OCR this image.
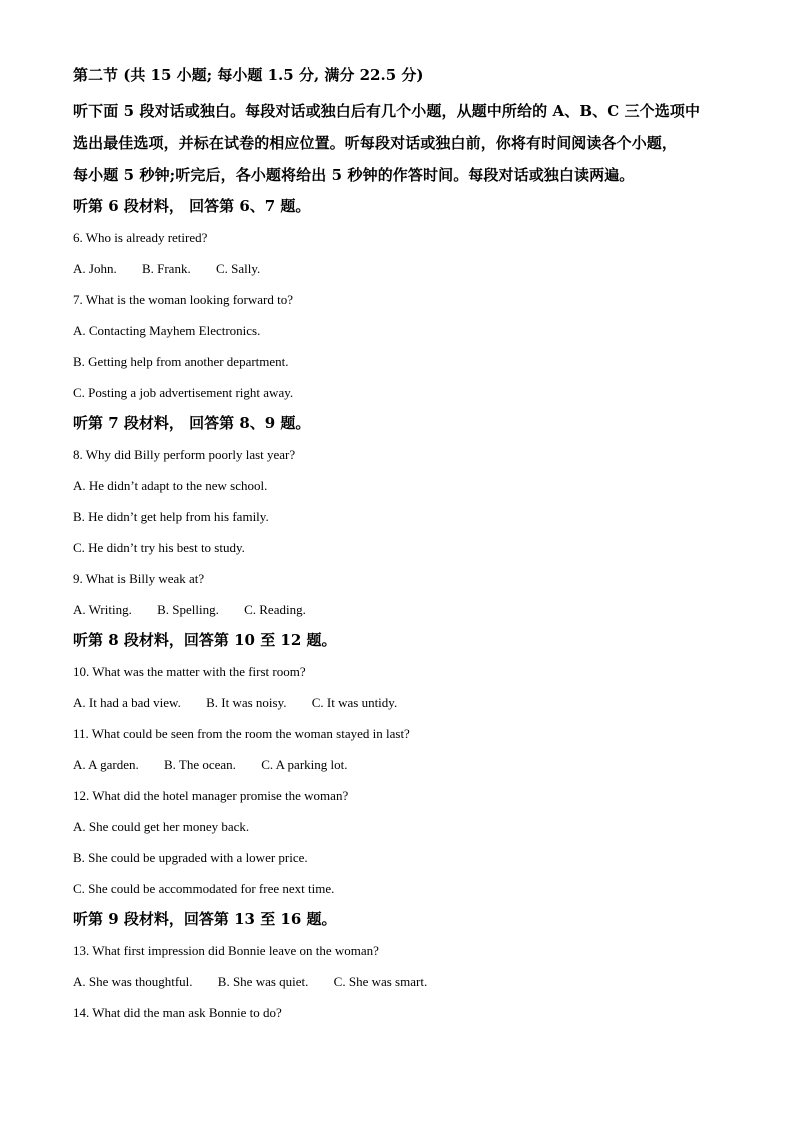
第二节 (共 15 小题; 每小题 1.5 分, 满分 22.5 分)
听下面 5 段对话或独白。每段对话或独白后有几个小题，从题中所给的 A、B、C 三个选项中
选出最佳选项，并标在试卷的相应位置。听每段对话或独白前，你将有时间阅读各个小题，
每小题 5 秒钟;听完后，各小题将给出 5 秒钟的作答时间。每段对话或独白读两遍。
听第 6 段材料， 回答第 6、7 题。
6. Who is already retired?
A. John. B. Frank. C. Sally.
7. What is the woman looking forward to?
A. Contacting Mayhem Electronics.
B. Getting help from another department.
C. Posting a job advertisement right away.
听第 7 段材料， 回答第 8、9 题。
8. Why did Billy perform poorly last year?
A. He didn’t adapt to the new school.
B. He didn’t get help from his family.
C. He didn’t try his best to study.
9. What is Billy weak at?
A. Writing. B. Spelling. C. Reading.
听第 8 段材料，回答第 10 至 12 题。
10. What was the matter with the first room?
A. It had a bad view. B. It was noisy. C. It was untidy.
11. What could be seen from the room the woman stayed in last?
A. A garden. B. The ocean. C. A parking lot.
12. What did the hotel manager promise the woman?
A. She could get her money back.
B. She could be upgraded with a lower price.
C. She could be accommodated for free next time.
听第 9 段材料，回答第 13 至 16 题。
13. What first impression did Bonnie leave on the woman?
A. She was thoughtful. B. She was quiet. C. She was smart.
14. What did the man ask Bonnie to do?
